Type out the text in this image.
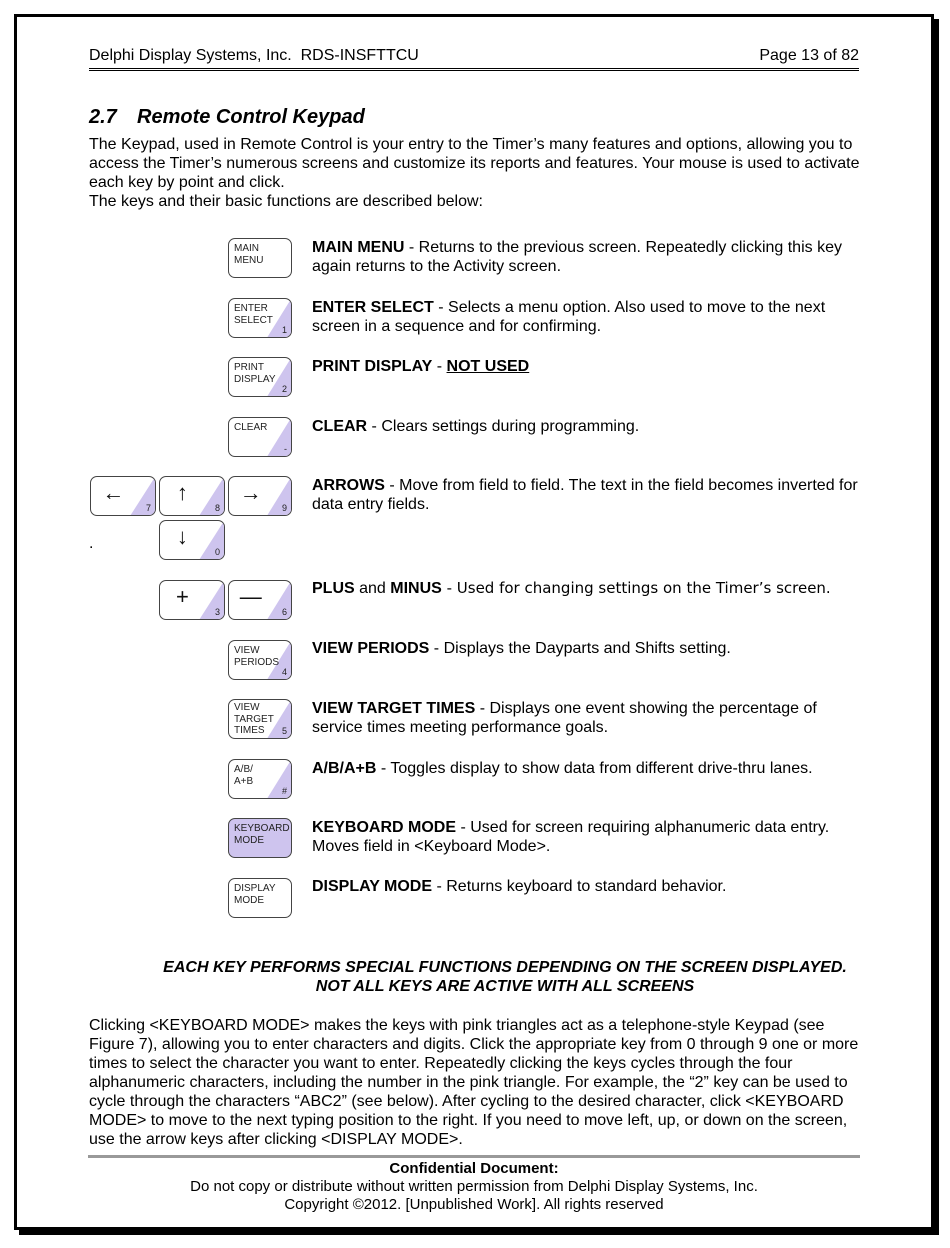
Delphi Display Systems, Inc.  RDS-INSFTTCU	Page 13 of 82
2.7 Remote Control Keypad

The Keypad, used in Remote Control is your entry to the Timer’s many features and options, allowing you to access the Timer’s numerous screens and customize its reports and features. Your mouse is used to activate each key by point and click.

The keys and their basic functions are described below:

MAIN
MENU
MAIN MENU - Returns to the previous screen. Repeatedly clicking this key again returns to the Activity screen.
ENTER
SELECT
1
ENTER SELECT - Selects a menu option. Also used to move to the next screen in a sequence and for confirming.
PRINT
DISPLAY
2
PRINT DISPLAY - NOT USED
CLEAR
-
CLEAR - Clears settings during programming.
←
7
↑
8
→
9
↓
0
.
ARROWS - Move from field to field. The text in the field becomes inverted for data entry fields.
+
3
—
6
PLUS and MINUS - Used for changing settings on the Timer’s screen.
VIEW
PERIODS
4
VIEW PERIODS - Displays the Dayparts and Shifts setting.
VIEW
TARGET
TIMES	5
VIEW TARGET TIMES - Displays one event showing the percentage of service times meeting performance goals.
A/B/
A+B
#
A/B/A+B - Toggles display to show data from different drive-thru lanes.
KEYBOARD
MODE
KEYBOARD MODE - Used for screen requiring alphanumeric data entry. Moves field in <Keyboard Mode>.
DISPLAY
MODE
DISPLAY MODE - Returns keyboard to standard behavior.
EACH KEY PERFORMS SPECIAL FUNCTIONS DEPENDING ON THE SCREEN DISPLAYED.
NOT ALL KEYS ARE ACTIVE WITH ALL SCREENS

Clicking <KEYBOARD MODE> makes the keys with pink triangles act as a telephone-style Keypad (see Figure 7), allowing you to enter characters and digits. Click the appropriate key from 0 through 9 one or more times to select the character you want to enter. Repeatedly clicking the keys cycles through the four alphanumeric characters, including the number in the pink triangle. For example, the “2” key can be used to cycle through the characters “ABC2” (see below). After cycling to the desired character, click <KEYBOARD MODE> to move to the next typing position to the right. If you need to move left, up, or down on the screen, use the arrow keys after clicking <DISPLAY MODE>.

Confidential Document:
Do not copy or distribute without written permission from Delphi Display Systems, Inc.
Copyright ©2012. [Unpublished Work]. All rights reserved
